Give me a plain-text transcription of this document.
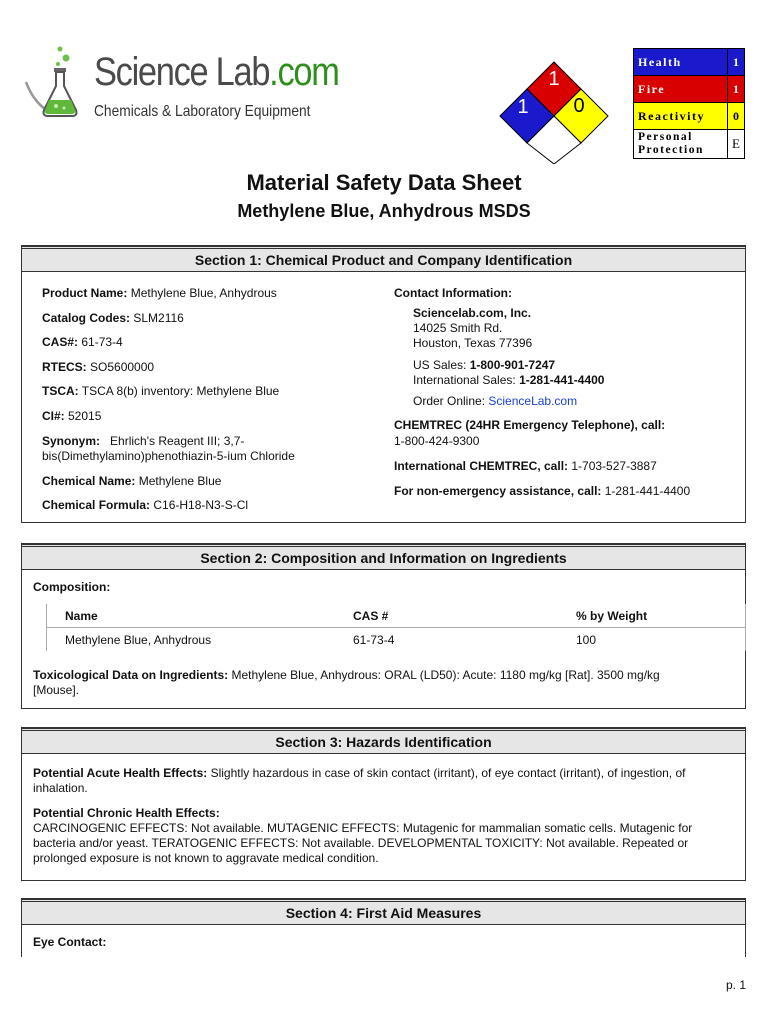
Science Lab.com
Chemicals & Laboratory Equipment
1
1 0
Health	1
Fire	1
Reactivity	0
Personal
Protection	E
Material Safety Data Sheet
Methylene Blue, Anhydrous MSDS
Section 1: Chemical Product and Company Identification
Product Name: Methylene Blue, Anhydrous
Catalog Codes: SLM2116
CAS#: 61-73-4
RTECS: SO5600000
TSCA: TSCA 8(b) inventory: Methylene Blue
CI#: 52015
Synonym:   Ehrlich's Reagent III; 3,7-
bis(Dimethylamino)phenothiazin-5-ium Chloride
Chemical Name: Methylene Blue
Chemical Formula: C16-H18-N3-S-Cl
Contact Information:
Sciencelab.com, Inc.
14025 Smith Rd.
Houston, Texas 77396
US Sales: 1-800-901-7247
International Sales: 1-281-441-4400
Order Online: ScienceLab.com
CHEMTREC (24HR Emergency Telephone), call:
1-800-424-9300
International CHEMTREC, call: 1-703-527-3887
For non-emergency assistance, call: 1-281-441-4400
Section 2: Composition and Information on Ingredients
Composition:
Name	CAS #	% by Weight
Methylene Blue, Anhydrous	61-73-4	100
Toxicological Data on Ingredients: Methylene Blue, Anhydrous: ORAL (LD50): Acute: 1180 mg/kg [Rat]. 3500 mg/kg
[Mouse].
Section 3: Hazards Identification
Potential Acute Health Effects: Slightly hazardous in case of skin contact (irritant), of eye contact (irritant), of ingestion, of
inhalation.
Potential Chronic Health Effects:
CARCINOGENIC EFFECTS: Not available. MUTAGENIC EFFECTS: Mutagenic for mammalian somatic cells. Mutagenic for
bacteria and/or yeast. TERATOGENIC EFFECTS: Not available. DEVELOPMENTAL TOXICITY: Not available. Repeated or
prolonged exposure is not known to aggravate medical condition.
Section 4: First Aid Measures
Eye Contact:
p. 1
